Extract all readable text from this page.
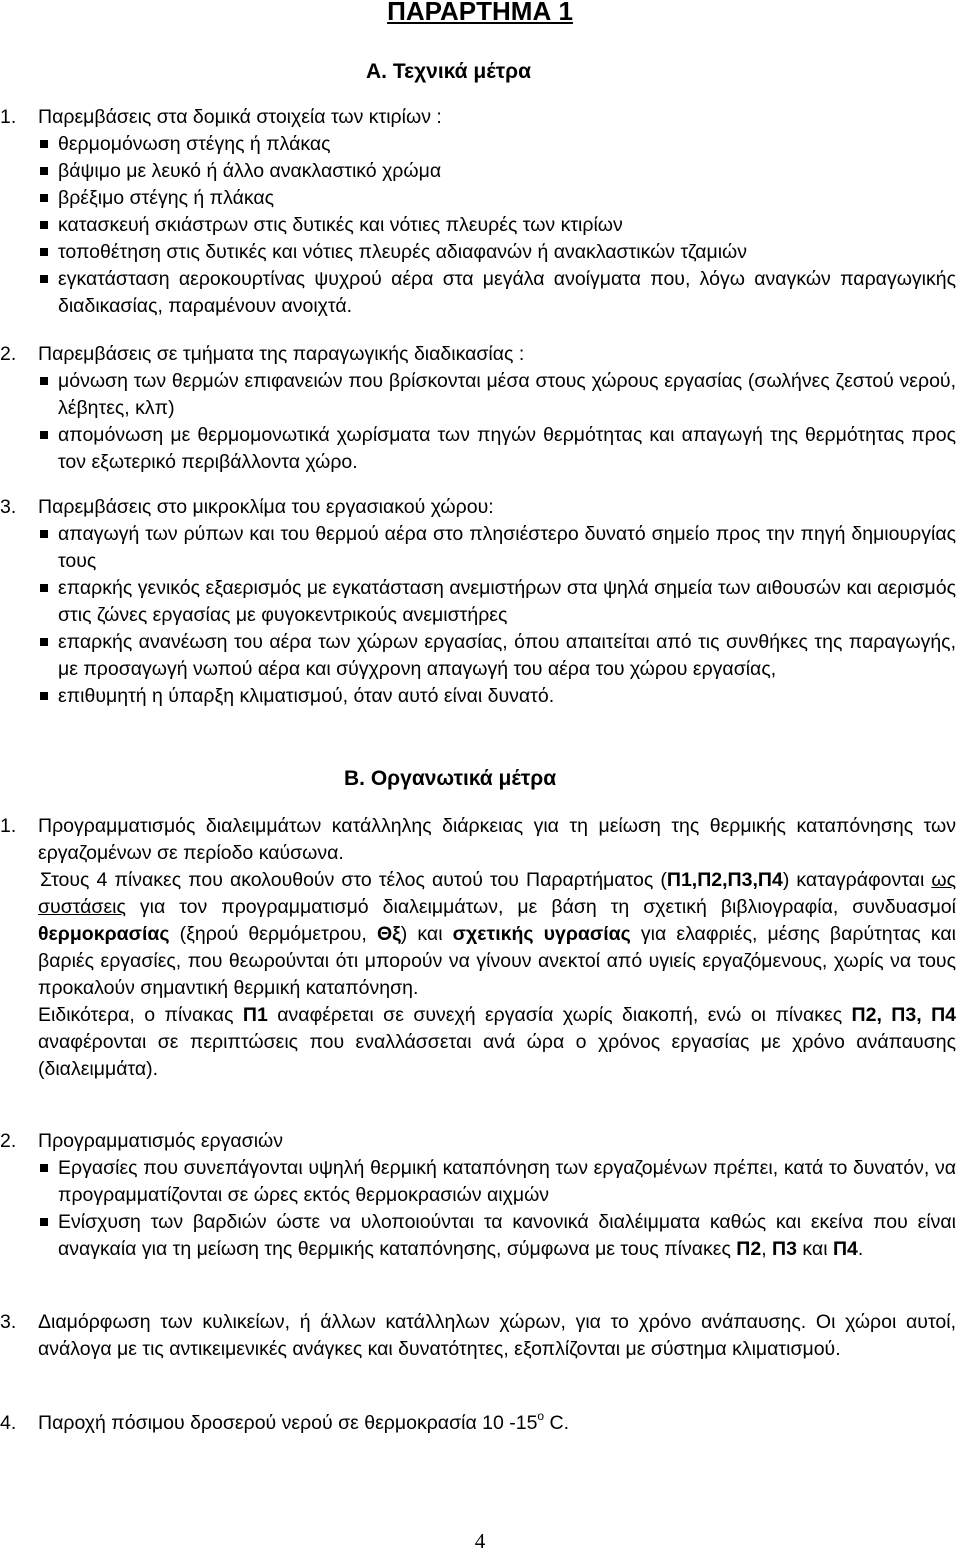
ΠΑΡΑΡΤΗΜΑ 1
Α. Τεχνικά μέτρα
1. Παρεμβάσεις στα δομικά στοιχεία των κτιρίων :
θερμομόνωση στέγης ή πλάκας
βάψιμο με λευκό ή άλλο ανακλαστικό χρώμα
βρέξιμο στέγης ή πλάκας
κατασκευή σκιάστρων στις δυτικές και νότιες πλευρές των κτιρίων
τοποθέτηση στις δυτικές και νότιες πλευρές αδιαφανών ή ανακλαστικών τζαμιών
εγκατάσταση αεροκουρτίνας ψυχρού αέρα στα μεγάλα ανοίγματα που, λόγω αναγκών παραγωγικής διαδικασίας, παραμένουν ανοιχτά.
2. Παρεμβάσεις σε τμήματα της παραγωγικής διαδικασίας :
μόνωση των θερμών επιφανειών που βρίσκονται μέσα στους χώρους εργασίας (σωλήνες ζεστού νερού, λέβητες, κλπ)
απομόνωση με θερμομονωτικά χωρίσματα των πηγών θερμότητας και απαγωγή της θερμότητας προς τον εξωτερικό περιβάλλοντα χώρο.
3. Παρεμβάσεις στο μικροκλίμα του εργασιακού χώρου:
απαγωγή των ρύπων και του θερμού αέρα στο πλησιέστερο δυνατό σημείο προς την πηγή δημιουργίας τους
επαρκής γενικός εξαερισμός με εγκατάσταση ανεμιστήρων στα ψηλά σημεία των αιθουσών και αερισμός στις ζώνες εργασίας με φυγοκεντρικούς ανεμιστήρες
επαρκής ανανέωση του αέρα των χώρων εργασίας, όπου απαιτείται από τις συνθήκες της παραγωγής, με προσαγωγή νωπού αέρα και σύγχρονη απαγωγή του αέρα του χώρου εργασίας,
επιθυμητή η ύπαρξη κλιματισμού, όταν αυτό είναι δυνατό.
Β. Οργανωτικά μέτρα
1. Προγραμματισμός διαλειμμάτων κατάλληλης διάρκειας για τη μείωση της θερμικής καταπόνησης των εργαζομένων σε περίοδο καύσωνα.
Στους 4 πίνακες που ακολουθούν στο τέλος αυτού του Παραρτήματος (Π1,Π2,Π3,Π4) καταγράφονται ως συστάσεις για τον προγραμματισμό διαλειμμάτων, με βάση τη σχετική βιβλιογραφία, συνδυασμοί θερμοκρασίας (ξηρού θερμόμετρου, Θξ) και σχετικής υγρασίας για ελαφριές, μέσης βαρύτητας και βαριές εργασίες, που θεωρούνται ότι μπορούν να γίνουν ανεκτοί από υγιείς εργαζόμενους, χωρίς να τους προκαλούν σημαντική θερμική καταπόνηση.
Ειδικότερα, ο πίνακας Π1 αναφέρεται σε συνεχή εργασία χωρίς διακοπή, ενώ οι πίνακες Π2, Π3, Π4 αναφέρονται σε περιπτώσεις που εναλλάσσεται ανά ώρα ο χρόνος εργασίας με χρόνο ανάπαυσης (διαλειμμάτα).
2. Προγραμματισμός εργασιών
Εργασίες που συνεπάγονται υψηλή θερμική καταπόνηση των εργαζομένων πρέπει, κατά το δυνατόν, να προγραμματίζονται σε ώρες εκτός θερμοκρασιών αιχμών
Ενίσχυση των βαρδιών ώστε να υλοποιούνται τα κανονικά διαλέιμματα καθώς και εκείνα που είναι αναγκαία για τη μείωση της θερμικής καταπόνησης, σύμφωνα με τους πίνακες Π2, Π3 και Π4.
3. Διαμόρφωση των κυλικείων, ή άλλων κατάλληλων χώρων, για το χρόνο ανάπαυσης. Οι χώροι αυτοί, ανάλογα με τις αντικειμενικές ανάγκες και δυνατότητες, εξοπλίζονται με σύστημα κλιματισμού.
4. Παροχή πόσιμου δροσερού νερού σε θερμοκρασία 10 $-15^o$ C.
4
